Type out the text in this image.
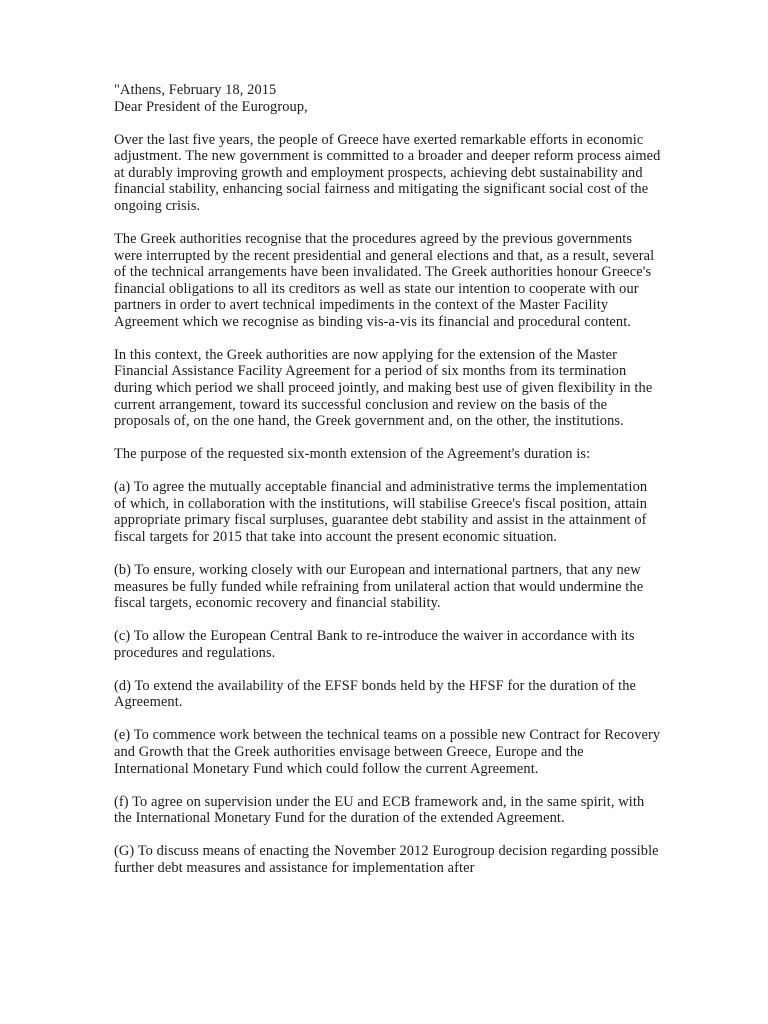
"Athens, February 18, 2015

Dear President of the Eurogroup,

Over the last five years, the people of Greece have exerted remarkable efforts in economic adjustment. The new government is committed to a broader and deeper reform process aimed at durably improving growth and employment prospects, achieving debt sustainability and financial stability, enhancing social fairness and mitigating the significant social cost of the ongoing crisis.

The Greek authorities recognise that the procedures agreed by the previous governments were interrupted by the recent presidential and general elections and that, as a result, several of the technical arrangements have been invalidated. The Greek authorities honour Greece's financial obligations to all its creditors as well as state our intention to cooperate with our partners in order to avert technical impediments in the context of the Master Facility Agreement which we recognise as binding vis-a-vis its financial and procedural content.

In this context, the Greek authorities are now applying for the extension of the Master Financial Assistance Facility Agreement for a period of six months from its termination during which period we shall proceed jointly, and making best use of given flexibility in the current arrangement, toward its successful conclusion and review on the basis of the proposals of, on the one hand, the Greek government and, on the other, the institutions.

The purpose of the requested six-month extension of the Agreement's duration is:

(a) To agree the mutually acceptable financial and administrative terms the implementation of which, in collaboration with the institutions, will stabilise Greece's fiscal position, attain appropriate primary fiscal surpluses, guarantee debt stability and assist in the attainment of fiscal targets for 2015 that take into account the present economic situation.

(b) To ensure, working closely with our European and international partners, that any new measures be fully funded while refraining from unilateral action that would undermine the fiscal targets, economic recovery and financial stability.

(c) To allow the European Central Bank to re-introduce the waiver in accordance with its procedures and regulations.

(d) To extend the availability of the EFSF bonds held by the HFSF for the duration of the Agreement.

(e) To commence work between the technical teams on a possible new Contract for Recovery and Growth that the Greek authorities envisage between Greece, Europe and the International Monetary Fund which could follow the current Agreement.

(f) To agree on supervision under the EU and ECB framework and, in the same spirit, with the International Monetary Fund for the duration of the extended Agreement.

(G) To discuss means of enacting the November 2012 Eurogroup decision regarding possible further debt measures and assistance for implementation after
